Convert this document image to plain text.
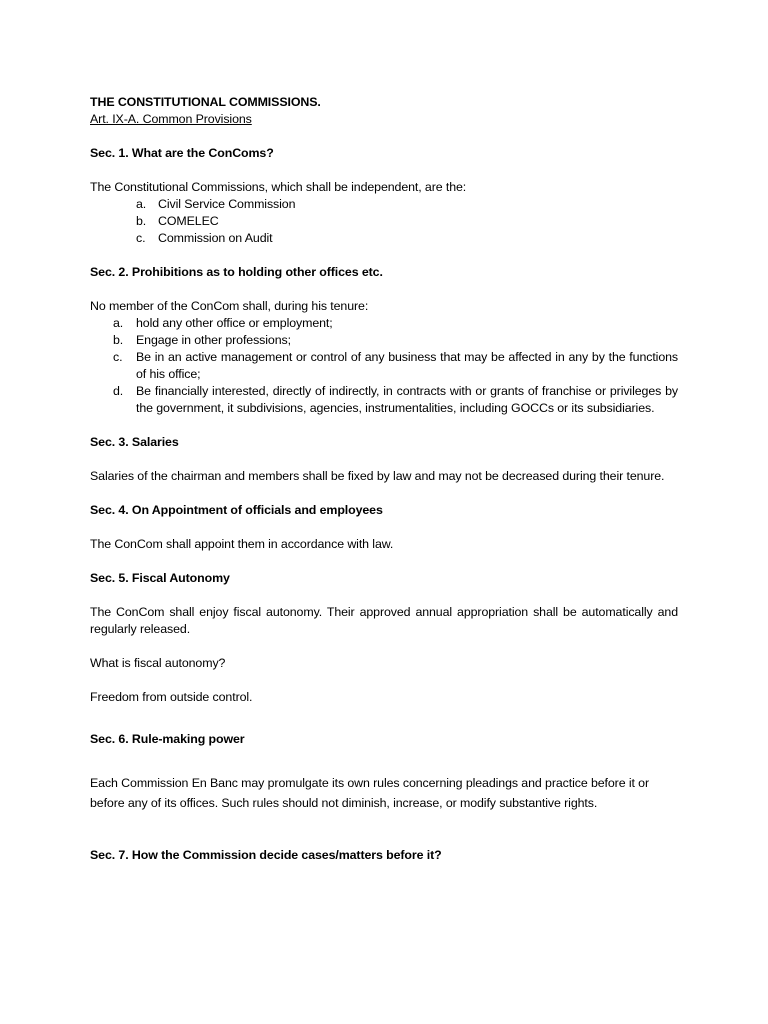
THE CONSTITUTIONAL COMMISSIONS.

Art. IX-A. Common Provisions

Sec. 1. What are the ConComs?

The Constitutional Commissions, which shall be independent, are the:

a. Civil Service Commission
b. COMELEC
c. Commission on Audit

Sec. 2. Prohibitions as to holding other offices etc.

No member of the ConCom shall, during his tenure:

a. hold any other office or employment;
b. Engage in other professions;
c. Be in an active management or control of any business that may be affected in any by the functions of his office;
d. Be financially interested, directly of indirectly, in contracts with or grants of franchise or privileges by the government, it subdivisions, agencies, instrumentalities, including GOCCs or its subsidiaries.

Sec. 3. Salaries

Salaries of the chairman and members shall be fixed by law and may not be decreased during their tenure.

Sec. 4. On Appointment of officials and employees

The ConCom shall appoint them in accordance with law.

Sec. 5. Fiscal Autonomy

The ConCom shall enjoy fiscal autonomy. Their approved annual appropriation shall be automatically and regularly released.

What is fiscal autonomy?

Freedom from outside control.

Sec. 6. Rule-making power

Each Commission En Banc may promulgate its own rules concerning pleadings and practice before it or before any of its offices. Such rules should not diminish, increase, or modify substantive rights.

Sec. 7. How the Commission decide cases/matters before it?
